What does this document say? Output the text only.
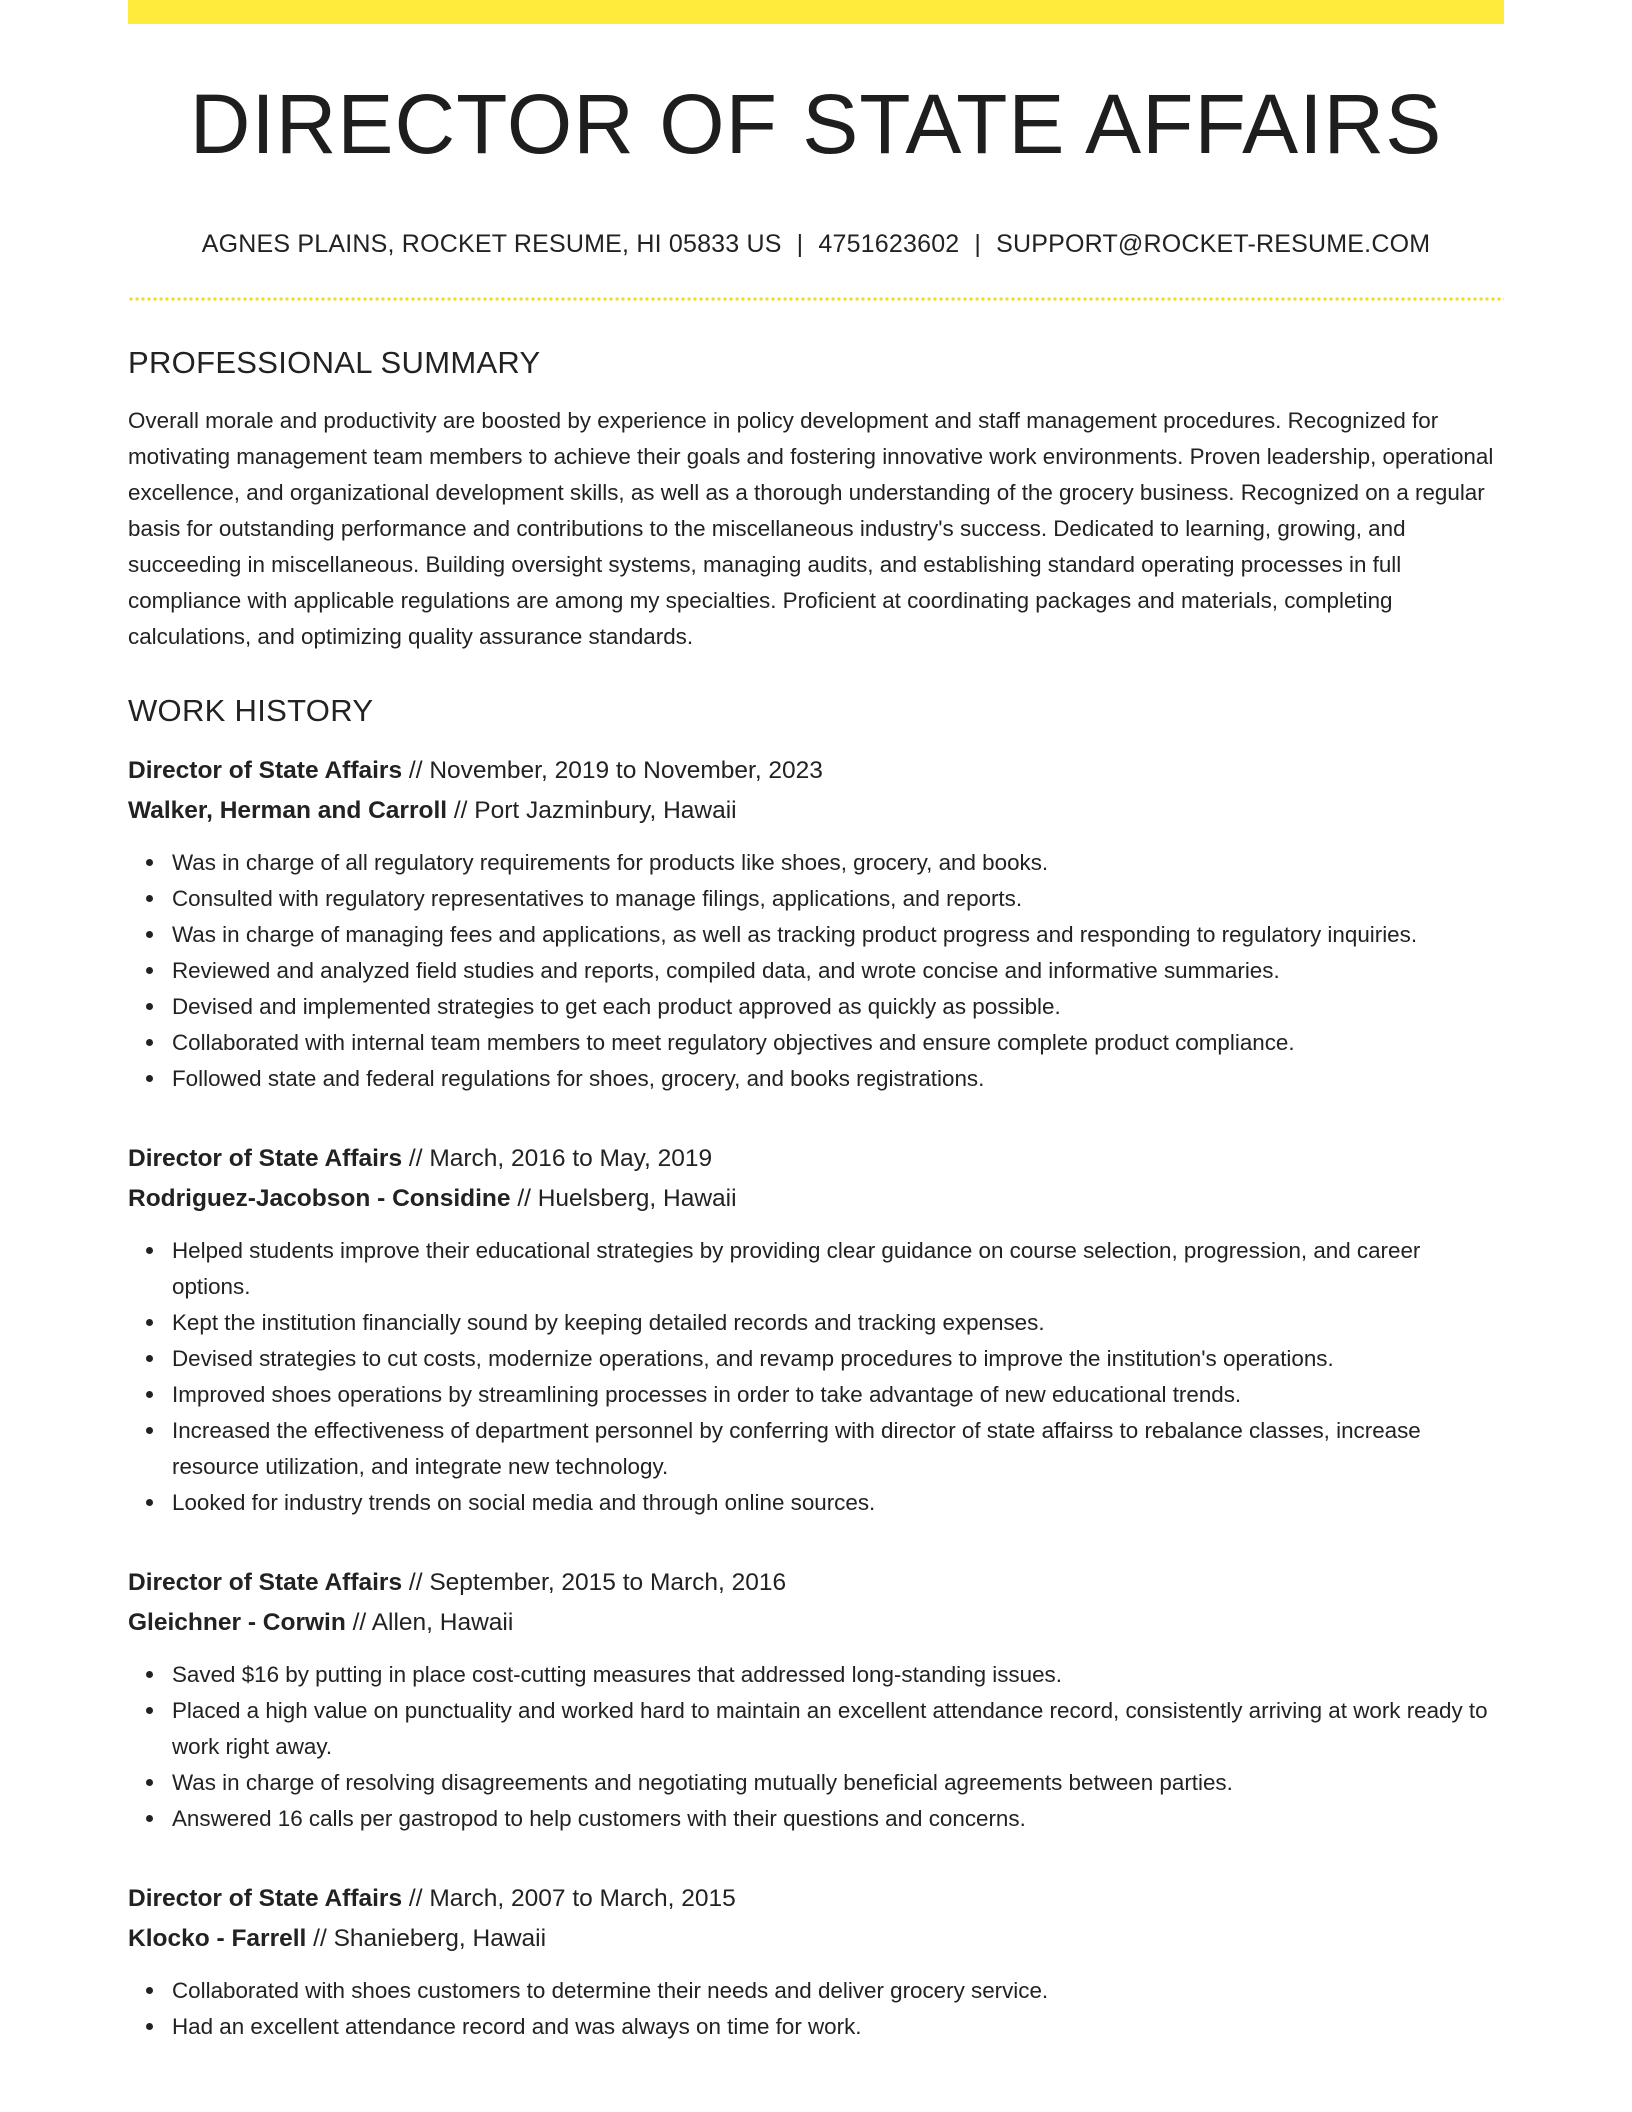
DIRECTOR OF STATE AFFAIRS
AGNES PLAINS, ROCKET RESUME, HI 05833 US | 4751623602 | SUPPORT@ROCKET-RESUME.COM
PROFESSIONAL SUMMARY

Overall morale and productivity are boosted by experience in policy development and staff management procedures. Recognized for motivating management team members to achieve their goals and fostering innovative work environments. Proven leadership, operational excellence, and organizational development skills, as well as a thorough understanding of the grocery business. Recognized on a regular basis for outstanding performance and contributions to the miscellaneous industry's success. Dedicated to learning, growing, and succeeding in miscellaneous. Building oversight systems, managing audits, and establishing standard operating processes in full compliance with applicable regulations are among my specialties. Proficient at coordinating packages and materials, completing calculations, and optimizing quality assurance standards.

WORK HISTORY
Director of State Affairs // November, 2019 to November, 2023
Walker, Herman and Carroll // Port Jazminbury, Hawaii
Was in charge of all regulatory requirements for products like shoes, grocery, and books.
Consulted with regulatory representatives to manage filings, applications, and reports.
Was in charge of managing fees and applications, as well as tracking product progress and responding to regulatory inquiries.
Reviewed and analyzed field studies and reports, compiled data, and wrote concise and informative summaries.
Devised and implemented strategies to get each product approved as quickly as possible.
Collaborated with internal team members to meet regulatory objectives and ensure complete product compliance.
Followed state and federal regulations for shoes, grocery, and books registrations.
Director of State Affairs // March, 2016 to May, 2019
Rodriguez-Jacobson - Considine // Huelsberg, Hawaii
Helped students improve their educational strategies by providing clear guidance on course selection, progression, and career options.
Kept the institution financially sound by keeping detailed records and tracking expenses.
Devised strategies to cut costs, modernize operations, and revamp procedures to improve the institution's operations.
Improved shoes operations by streamlining processes in order to take advantage of new educational trends.
Increased the effectiveness of department personnel by conferring with director of state affairss to rebalance classes, increase resource utilization, and integrate new technology.
Looked for industry trends on social media and through online sources.
Director of State Affairs // September, 2015 to March, 2016
Gleichner - Corwin // Allen, Hawaii
Saved $16 by putting in place cost-cutting measures that addressed long-standing issues.
Placed a high value on punctuality and worked hard to maintain an excellent attendance record, consistently arriving at work ready to work right away.
Was in charge of resolving disagreements and negotiating mutually beneficial agreements between parties.
Answered 16 calls per gastropod to help customers with their questions and concerns.
Director of State Affairs // March, 2007 to March, 2015
Klocko - Farrell // Shanieberg, Hawaii
Collaborated with shoes customers to determine their needs and deliver grocery service.
Had an excellent attendance record and was always on time for work.
